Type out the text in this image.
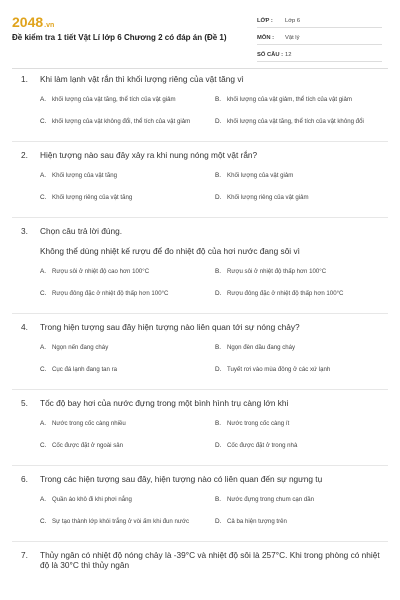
2048.vn
Đề kiểm tra 1 tiết Vật Lí lớp 6 Chương 2 có đáp án (Đề 1)
LỚP :	Lớp 6
MÔN :	Vật lý
SỐ CÂU : 12
1.	Khi làm lạnh vật rắn thì khối lượng riêng của vật tăng vì
A. khối lượng của vật tăng, thể tích của vật giảm	B. khối lượng của vật giảm, thể tích của vật giảm
C. khối lượng của vật không đổi, thể tích của vật giảm	D. khối lượng của vật tăng, thể tích của vật không đổi
2.	Hiện tượng nào sau đây xảy ra khi nung nóng một vật rắn?
A. Khối lượng của vật tăng	B. Khối lượng của vật giảm
C. Khối lượng riêng của vật tăng	D. Khối lượng riêng của vật giảm
3.	Chọn câu trả lời đúng.
Không thể dùng nhiệt kế rượu để đo nhiệt độ của hơi nước đang sôi vì
A. Rượu sôi ở nhiệt độ cao hơn 100°C	B. Rượu sôi ở nhiệt độ thấp hơn 100°C
C. Rượu đông đặc ở nhiệt độ thấp hơn 100°C	D. Rượu đông đặc ở nhiệt độ thấp hơn 100°C
4.	Trong hiện tượng sau đây hiện tượng nào liên quan tới sự nóng chảy?
A. Ngọn nến đang cháy	B. Ngọn đèn dầu đang cháy
C. Cục đá lạnh đang tan ra	D. Tuyết rơi vào mùa đông ở các xứ lạnh
5.	Tốc độ bay hơi của nước đựng trong một bình hình trụ càng lớn khi
A. Nước trong cốc càng nhiều	B. Nước trong cốc càng ít
C. Cốc được đặt ở ngoài sân	D. Cốc được đặt ở trong nhà
6.	Trong các hiện tượng sau đây, hiện tượng nào có liên quan đến sự ngưng tụ
A. Quần áo khô đi khi phơi nắng	B. Nước đựng trong chum cạn dần
C. Sự tạo thành lớp khói trắng ở vòi ấm khi đun nước	D. Cả ba hiện tượng trên
7.	Thủy ngân có nhiệt độ nóng chảy là -39°C và nhiệt độ sôi là 257°C. Khi trong phòng có nhiệt độ là 30°C thì thủy ngân
